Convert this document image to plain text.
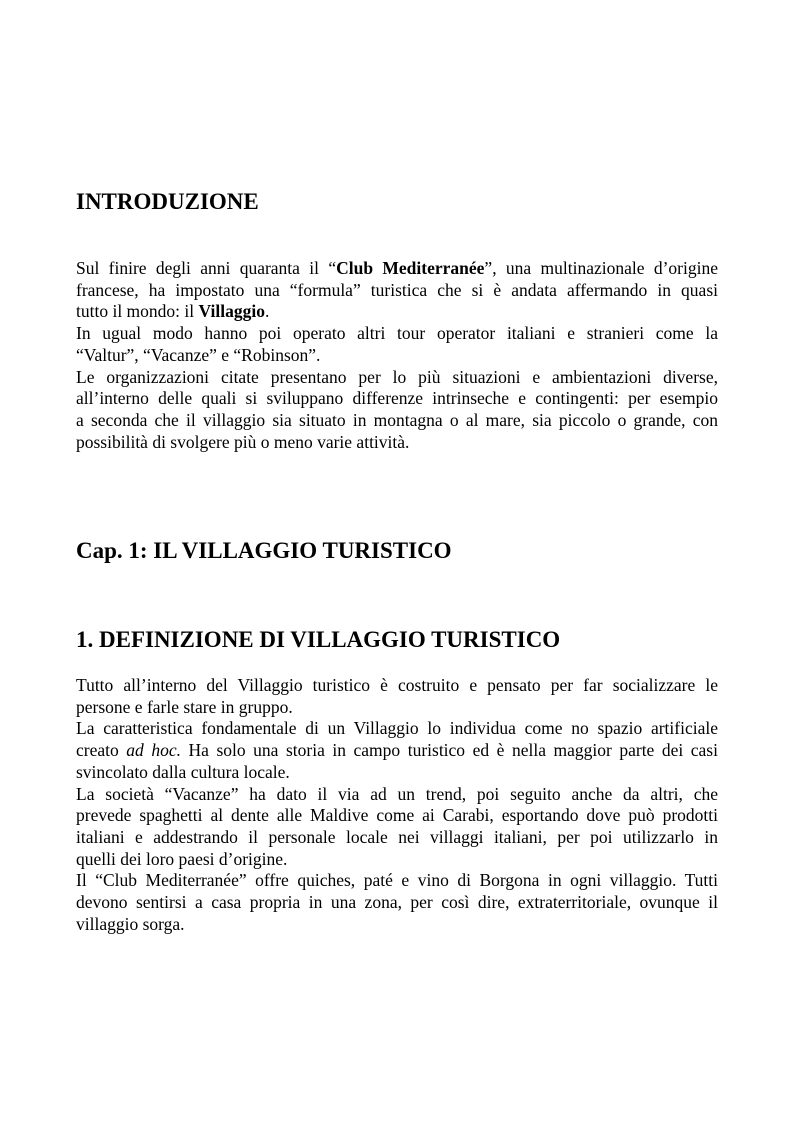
INTRODUZIONE

Sul finire degli anni quaranta il “Club Mediterranée”, una multinazionale d’origine
francese, ha impostato una “formula” turistica che si è andata affermando in quasi
tutto il mondo: il Villaggio.

In ugual modo hanno poi operato altri tour operator italiani e stranieri come la
“Valtur”, “Vacanze” e “Robinson”.

Le organizzazioni citate presentano per lo più situazioni e ambientazioni diverse,
all’interno delle quali si sviluppano differenze intrinseche e contingenti: per esempio
a seconda che il villaggio sia situato in montagna o al mare, sia piccolo o grande, con
possibilità di svolgere più o meno varie attività.

Cap. 1: IL VILLAGGIO TURISTICO
1. DEFINIZIONE DI VILLAGGIO TURISTICO

Tutto all’interno del Villaggio turistico è costruito e pensato per far socializzare le
persone e farle stare in gruppo.

La caratteristica fondamentale di un Villaggio lo individua come no spazio artificiale
creato ad hoc. Ha solo una storia in campo turistico ed è nella maggior parte dei casi
svincolato dalla cultura locale.

La società “Vacanze” ha dato il via ad un trend, poi seguito anche da altri, che
prevede spaghetti al dente alle Maldive come ai Carabi, esportando dove può prodotti
italiani e addestrando il personale locale nei villaggi italiani, per poi utilizzarlo in
quelli dei loro paesi d’origine.

Il “Club Mediterranée” offre quiches, paté e vino di Borgona in ogni villaggio. Tutti
devono sentirsi a casa propria in una zona, per così dire, extraterritoriale, ovunque il
villaggio sorga.
